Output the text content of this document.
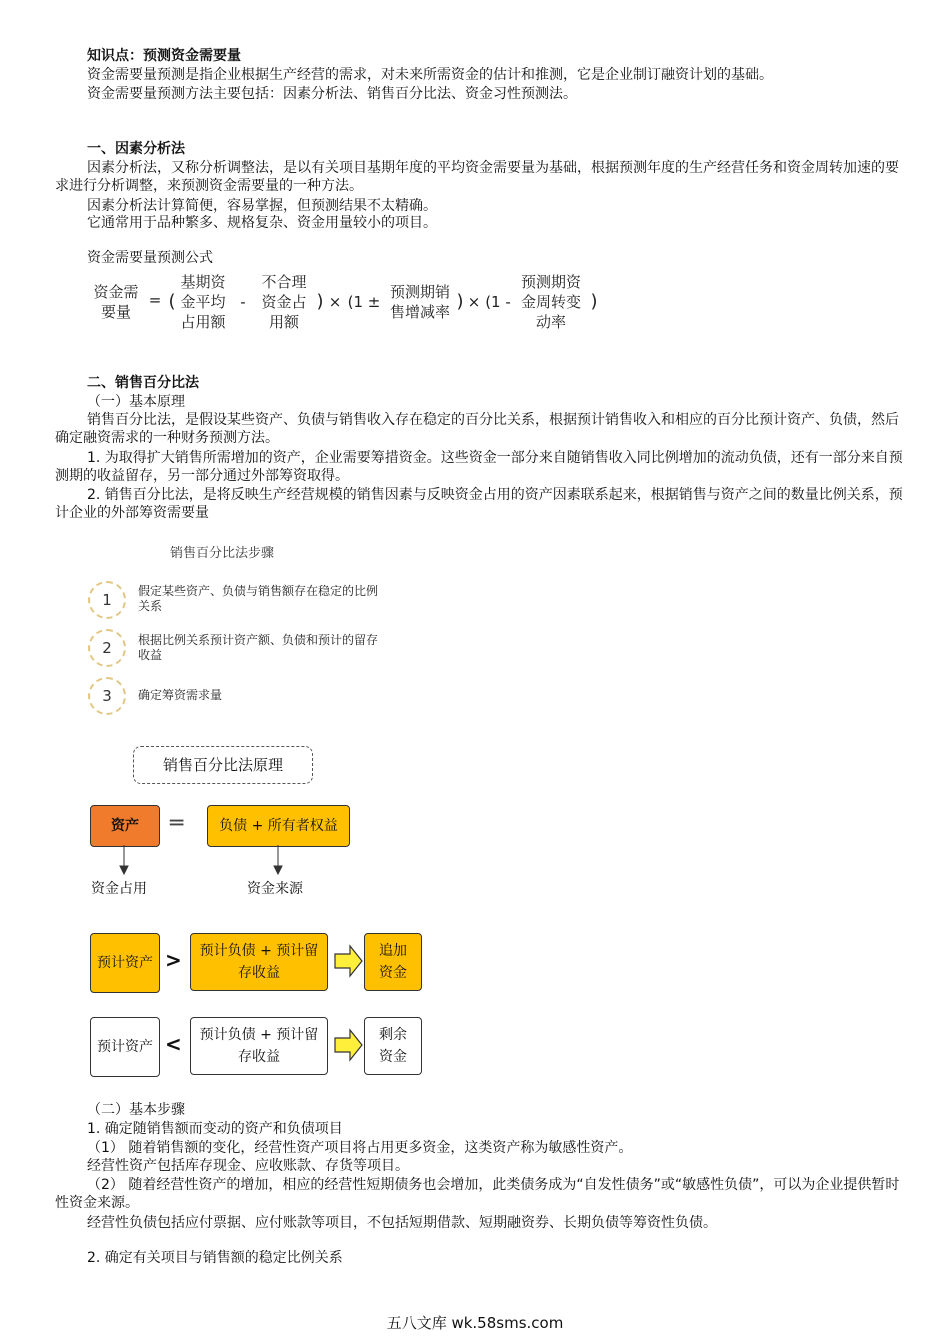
知识点：预测资金需要量
资金需要量预测是指企业根据生产经营的需求，对未来所需资金的估计和推测，它是企业制订融资计划的基础。
资金需要量预测方法主要包括：因素分析法、销售百分比法、资金习性预测法。
一、因素分析法
因素分析法，又称分析调整法，是以有关项目基期年度的平均资金需要量为基础，根据预测年度的生产经营任务和资金周转加速的要求进行分析调整，来预测资金需要量的一种方法。
因素分析法计算简便，容易掌握，但预测结果不太精确。
它通常用于品种繁多、规格复杂、资金用量较小的项目。
资金需要量预测公式
资金需
要量
= (
基期资
金平均
占用额
-
不合理
资金占
用额
) × (1 ±
预测期销
售增减率 ) × (1 -
预测期资
金周转变
动率
)
二、销售百分比法
（一）基本原理
销售百分比法，是假设某些资产、负债与销售收入存在稳定的百分比关系，根据预计销售收入和相应的百分比预计资产、负债，然后确定融资需求的一种财务预测方法。
1. 为取得扩大销售所需增加的资产，企业需要筹措资金。这些资金一部分来自随销售收入同比例增加的流动负债，还有一部分来自预测期的收益留存，另一部分通过外部筹资取得。
2. 销售百分比法，是将反映生产经营规模的销售因素与反映资金占用的资产因素联系起来，根据销售与资产之间的数量比例关系，预计企业的外部筹资需要量
销售百分比法步骤
1	假定某些资产、负债与销售额存在稳定的比例关系
2	根据比例关系预计资产额、负债和预计的留存收益
3	确定筹资需求量
销售百分比法原理
资产	═	负债 + 所有者权益
资金占用	资金来源
预计资产 >	预计负债 + 预计留存收益
追加资金
预计资产 <	预计负债 + 预计留存收益
剩余资金
（二）基本步骤
1. 确定随销售额而变动的资产和负债项目
（1） 随着销售额的变化，经营性资产项目将占用更多资金，这类资产称为敏感性资产。
经营性资产包括库存现金、应收账款、存货等项目。
（2） 随着经营性资产的增加，相应的经营性短期债务也会增加，此类债务成为“自发性债务”或“敏感性负债”，可以为企业提供暂时性资金来源。
经营性负债包括应付票据、应付账款等项目，不包括短期借款、短期融资券、长期负债等筹资性负债。
2. 确定有关项目与销售额的稳定比例关系
五八文库 wk.58sms.com
